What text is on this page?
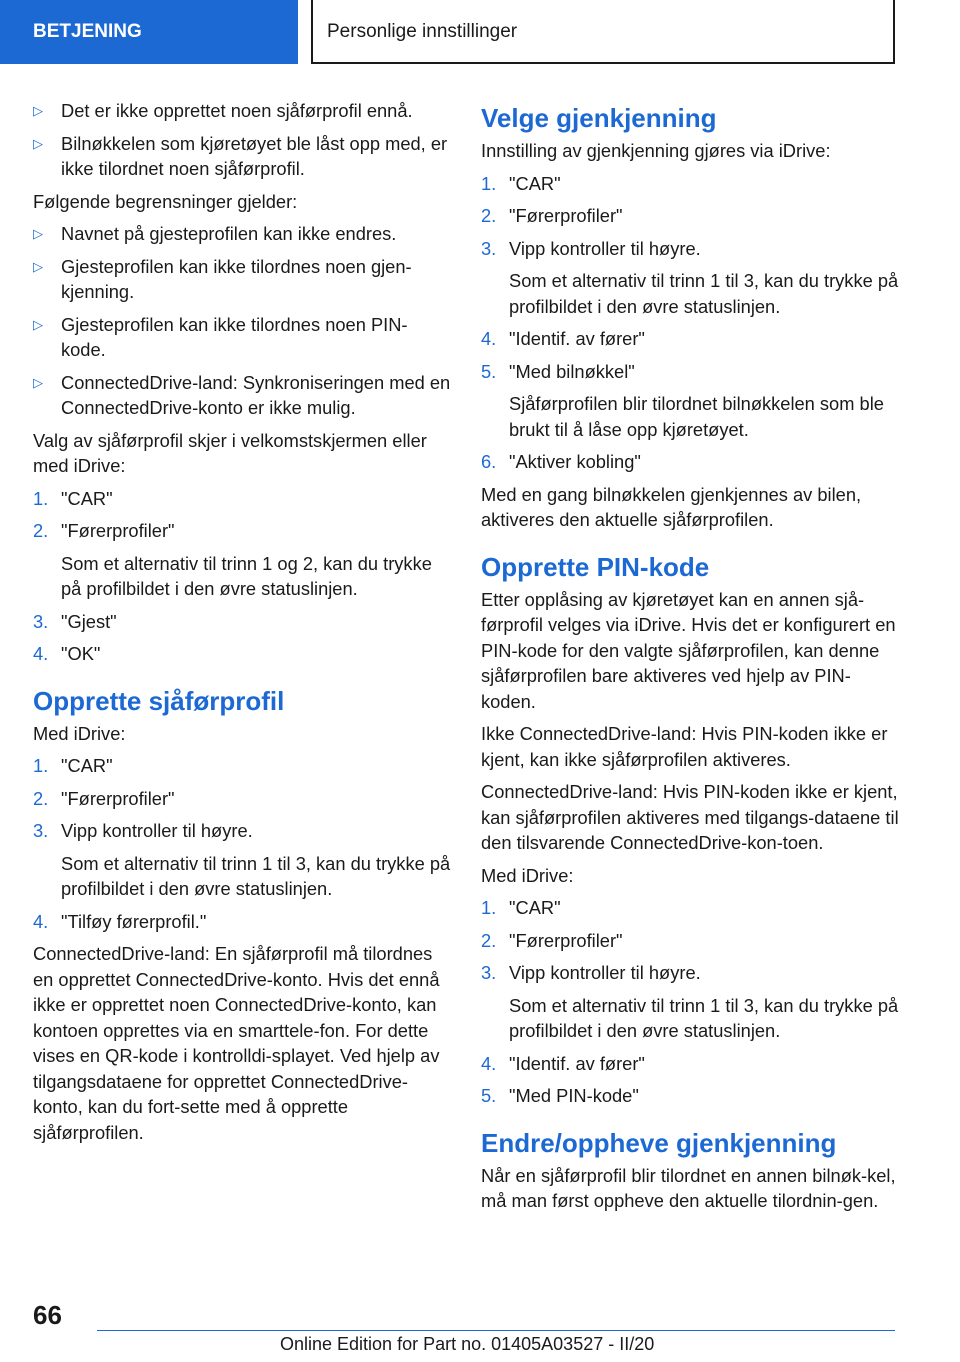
BETJENING	Personlige innstillinger
▷ Det er ikke opprettet noen sjåførprofil ennå.
▷ Bilnøkkelen som kjøretøyet ble låst opp med, er ikke tilordnet noen sjåførprofil.

Følgende begrensninger gjelder:

▷ Navnet på gjesteprofilen kan ikke endres.
▷ Gjesteprofilen kan ikke tilordnes noen gjen-kjenning.
▷ Gjesteprofilen kan ikke tilordnes noen PIN-kode.
▷ ConnectedDrive-land: Synkroniseringen med en ConnectedDrive-konto er ikke mulig.

Valg av sjåførprofil skjer i velkomstskjermen eller med iDrive:

1. "CAR"
2. "Førerprofiler"

Som et alternativ til trinn 1 og 2, kan du trykke på profilbildet i den øvre statuslinjen.

3. "Gjest"
4. "OK"
Opprette sjåførprofil

Med iDrive:

1. "CAR"
2. "Førerprofiler"
3. Vipp kontroller til høyre.

Som et alternativ til trinn 1 til 3, kan du trykke på profilbildet i den øvre statuslinjen.

4. "Tilføy førerprofil."

ConnectedDrive-land: En sjåførprofil må tilordnes en opprettet ConnectedDrive-konto. Hvis det ennå ikke er opprettet noen ConnectedDrive-konto, kan kontoen opprettes via en smarttele-fon. For dette vises en QR-kode i kontrolldi-splayet. Ved hjelp av tilgangsdataene for opprettet ConnectedDrive-konto, kan du fort-sette med å opprette sjåførprofilen.

Velge gjenkjenning

Innstilling av gjenkjenning gjøres via iDrive:

1. "CAR"
2. "Førerprofiler"
3. Vipp kontroller til høyre.

Som et alternativ til trinn 1 til 3, kan du trykke på profilbildet i den øvre statuslinjen.

4. "Identif. av fører"
5. "Med bilnøkkel"

Sjåførprofilen blir tilordnet bilnøkkelen som ble brukt til å låse opp kjøretøyet.

6. "Aktiver kobling"

Med en gang bilnøkkelen gjenkjennes av bilen, aktiveres den aktuelle sjåførprofilen.

Opprette PIN-kode

Etter opplåsing av kjøretøyet kan en annen sjå-førprofil velges via iDrive. Hvis det er konfigurert en PIN-kode for den valgte sjåførprofilen, kan denne sjåførprofilen bare aktiveres ved hjelp av PIN-koden.

Ikke ConnectedDrive-land: Hvis PIN-koden ikke er kjent, kan ikke sjåførprofilen aktiveres.

ConnectedDrive-land: Hvis PIN-koden ikke er kjent, kan sjåførprofilen aktiveres med tilgangs-dataene til den tilsvarende ConnectedDrive-kon-toen.

Med iDrive:

1. "CAR"
2. "Førerprofiler"
3. Vipp kontroller til høyre.

Som et alternativ til trinn 1 til 3, kan du trykke på profilbildet i den øvre statuslinjen.

4. "Identif. av fører"
5. "Med PIN-kode"
Endre/oppheve gjenkjenning

Når en sjåførprofil blir tilordnet en annen bilnøk-kel, må man først oppheve den aktuelle tilordnin-gen.

66
Online Edition for Part no. 01405A03527 - II/20
